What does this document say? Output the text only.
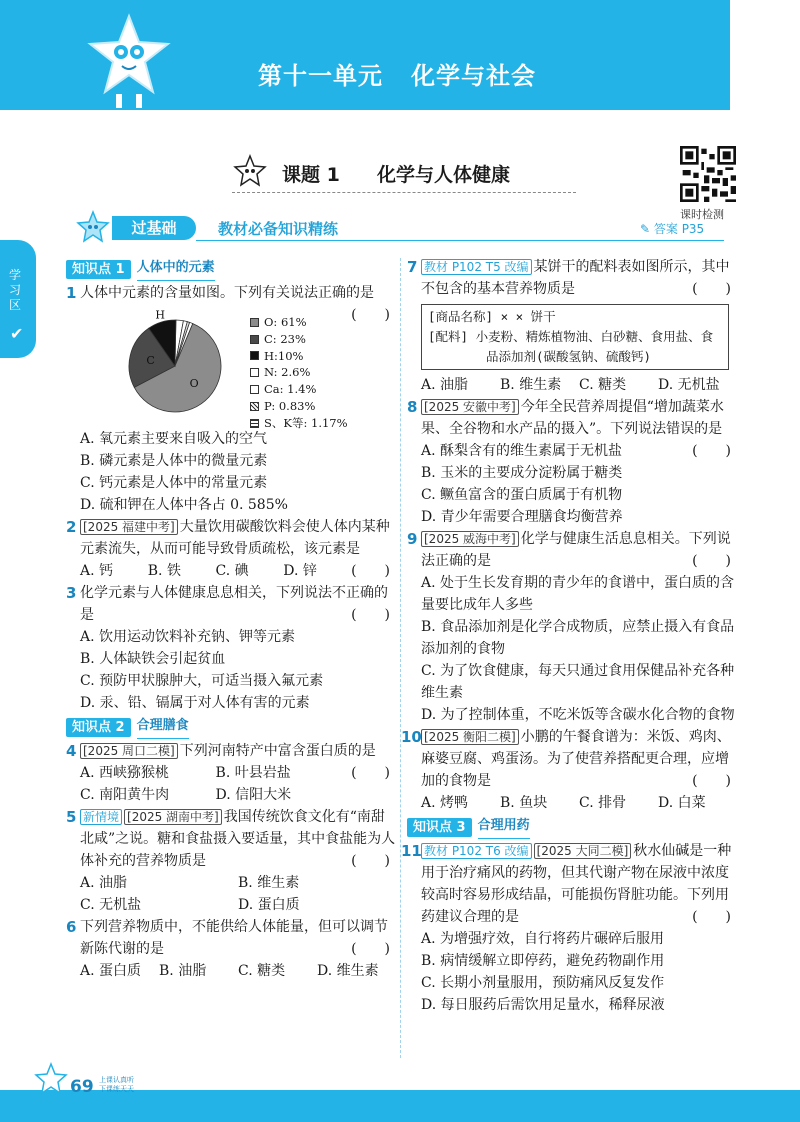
第十一单元 化学与社会
学习区
✔
课题 1 化学与人体健康
课时检测
过基础	教材必备知识精练	✎ 答案 P35
知识点 1 人体中的元素
1 人体中元素的含量如图。下列有关说法正确的是
(　　)
O
C
H
O: 61%
C: 23%
H:10%
N: 2.6%
Ca: 1.4%
P: 0.83%
S、K等: 1.17%
A. 氧元素主要来自吸入的空气
B. 磷元素是人体中的微量元素
C. 钙元素是人体中的常量元素
D. 硫和钾在人体中各占 0. 585%
2 [2025 福建中考] 大量饮用碳酸饮料会使人体内某种元素流失，从而可能导致骨质疏松，该元素是
(　　)
A. 钙	B. 铁	C. 碘	D. 锌
3 化学元素与人体健康息息相关，下列说法不正确的是	(　　)
A. 饮用运动饮料补充钠、钾等元素
B. 人体缺铁会引起贫血
C. 预防甲状腺肿大，可适当摄入氟元素
D. 汞、铅、镉属于对人体有害的元素
知识点 2 合理膳食
4 [2025 周口二模] 下列河南特产中富含蛋白质的是
(　　)
A. 西峡猕猴桃	B. 叶县岩盐
C. 南阳黄牛肉	D. 信阳大米
5 新情境 [2025 湖南中考] 我国传统饮食文化有“南甜北咸”之说。糖和食盐摄入要适量，其中食盐能为人体补充的营养物质是	(　　)
A. 油脂	B. 维生素
C. 无机盐	D. 蛋白质
6 下列营养物质中，不能供给人体能量，但可以调节新陈代谢的是	(　　)
A. 蛋白质	B. 油脂	C. 糖类	D. 维生素
7 教材 P102 T5 改编 某饼干的配料表如图所示，其中不包含的基本营养物质是	(　　)
[商品名称] × × 饼干
[配料] 小麦粉、精炼植物油、白砂糖、食用盐、食
品添加剂(碳酸氢钠、硫酸钙)
A. 油脂	B. 维生素	C. 糖类	D. 无机盐
8 [2025 安徽中考] 今年全民营养周提倡“增加蔬菜水果、全谷物和水产品的摄入”。下列说法错误的是
(　　)
A. 酥梨含有的维生素属于无机盐
B. 玉米的主要成分淀粉属于糖类
C. 鳜鱼富含的蛋白质属于有机物
D. 青少年需要合理膳食均衡营养
9 [2025 威海中考] 化学与健康生活息息相关。下列说法正确的是	(　　)
A. 处于生长发育期的青少年的食谱中，蛋白质的含量要比成年人多些
B. 食品添加剂是化学合成物质，应禁止摄入有食品添加剂的食物
C. 为了饮食健康，每天只通过食用保健品补充各种维生素
D. 为了控制体重，不吃米饭等含碳水化合物的食物
10 [2025 衡阳二模] 小鹏的午餐食谱为：米饭、鸡肉、麻婆豆腐、鸡蛋汤。为了使营养搭配更合理，应增加的食物是	(　　)
A. 烤鸭	B. 鱼块	C. 排骨	D. 白菜
知识点 3 合理用药
11 教材 P102 T6 改编 [2025 大同二模] 秋水仙碱是一种用于治疗痛风的药物，但其代谢产物在尿液中浓度较高时容易形成结晶，可能损伤肾脏功能。下列用药建议合理的是	(　　)
A. 为增强疗效，自行将药片碾碎后服用
B. 病情缓解立即停药，避免药物副作用
C. 长期小剂量服用，预防痛风反复发作
D. 每日服药后需饮用足量水，稀释尿液
69 上课认真听
下课练天天
